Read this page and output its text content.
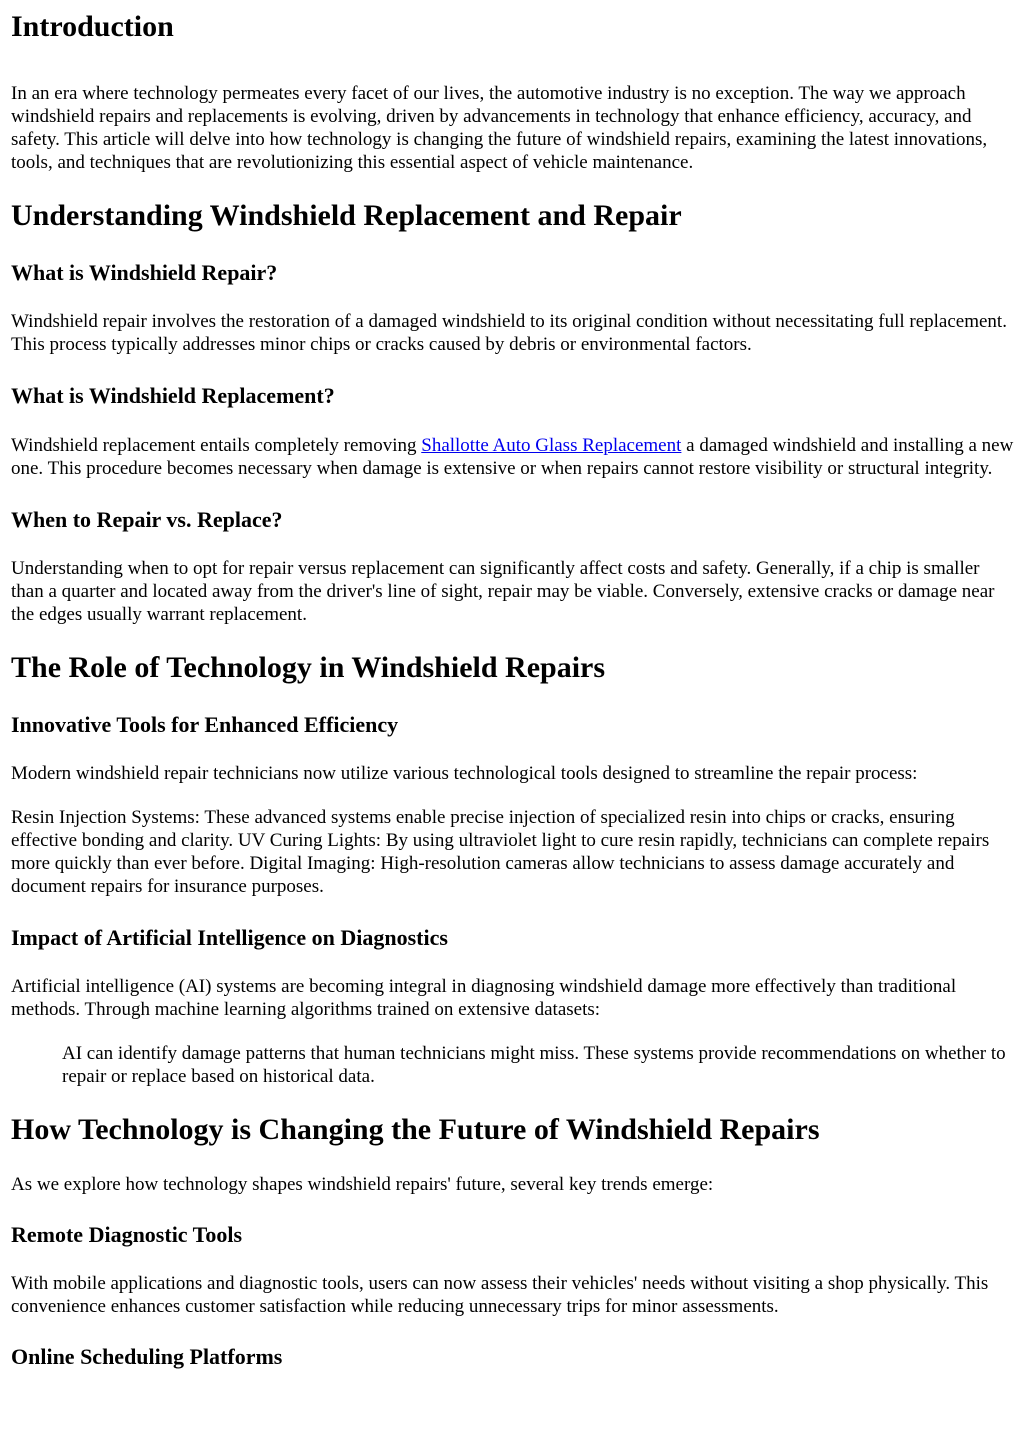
Introduction

In an era where technology permeates every facet of our lives, the automotive industry is no exception. The way we approach windshield repairs and replacements is evolving, driven by advancements in technology that enhance efficiency, accuracy, and safety. This article will delve into how technology is changing the future of windshield repairs, examining the latest innovations, tools, and techniques that are revolutionizing this essential aspect of vehicle maintenance.

Understanding Windshield Replacement and Repair
What is Windshield Repair?

Windshield repair involves the restoration of a damaged windshield to its original condition without necessitating full replacement. This process typically addresses minor chips or cracks caused by debris or environmental factors.

What is Windshield Replacement?

Windshield replacement entails completely removing Shallotte Auto Glass Replacement a damaged windshield and installing a new one. This procedure becomes necessary when damage is extensive or when repairs cannot restore visibility or structural integrity.

When to Repair vs. Replace?

Understanding when to opt for repair versus replacement can significantly affect costs and safety. Generally, if a chip is smaller than a quarter and located away from the driver's line of sight, repair may be viable. Conversely, extensive cracks or damage near the edges usually warrant replacement.

The Role of Technology in Windshield Repairs
Innovative Tools for Enhanced Efficiency

Modern windshield repair technicians now utilize various technological tools designed to streamline the repair process:

Resin Injection Systems: These advanced systems enable precise injection of specialized resin into chips or cracks, ensuring effective bonding and clarity. UV Curing Lights: By using ultraviolet light to cure resin rapidly, technicians can complete repairs more quickly than ever before. Digital Imaging: High-resolution cameras allow technicians to assess damage accurately and document repairs for insurance purposes.

Impact of Artificial Intelligence on Diagnostics

Artificial intelligence (AI) systems are becoming integral in diagnosing windshield damage more effectively than traditional methods. Through machine learning algorithms trained on extensive datasets:

AI can identify damage patterns that human technicians might miss. These systems provide recommendations on whether to repair or replace based on historical data.
How Technology is Changing the Future of Windshield Repairs

As we explore how technology shapes windshield repairs' future, several key trends emerge:

Remote Diagnostic Tools

With mobile applications and diagnostic tools, users can now assess their vehicles' needs without visiting a shop physically. This convenience enhances customer satisfaction while reducing unnecessary trips for minor assessments.

Online Scheduling Platforms
